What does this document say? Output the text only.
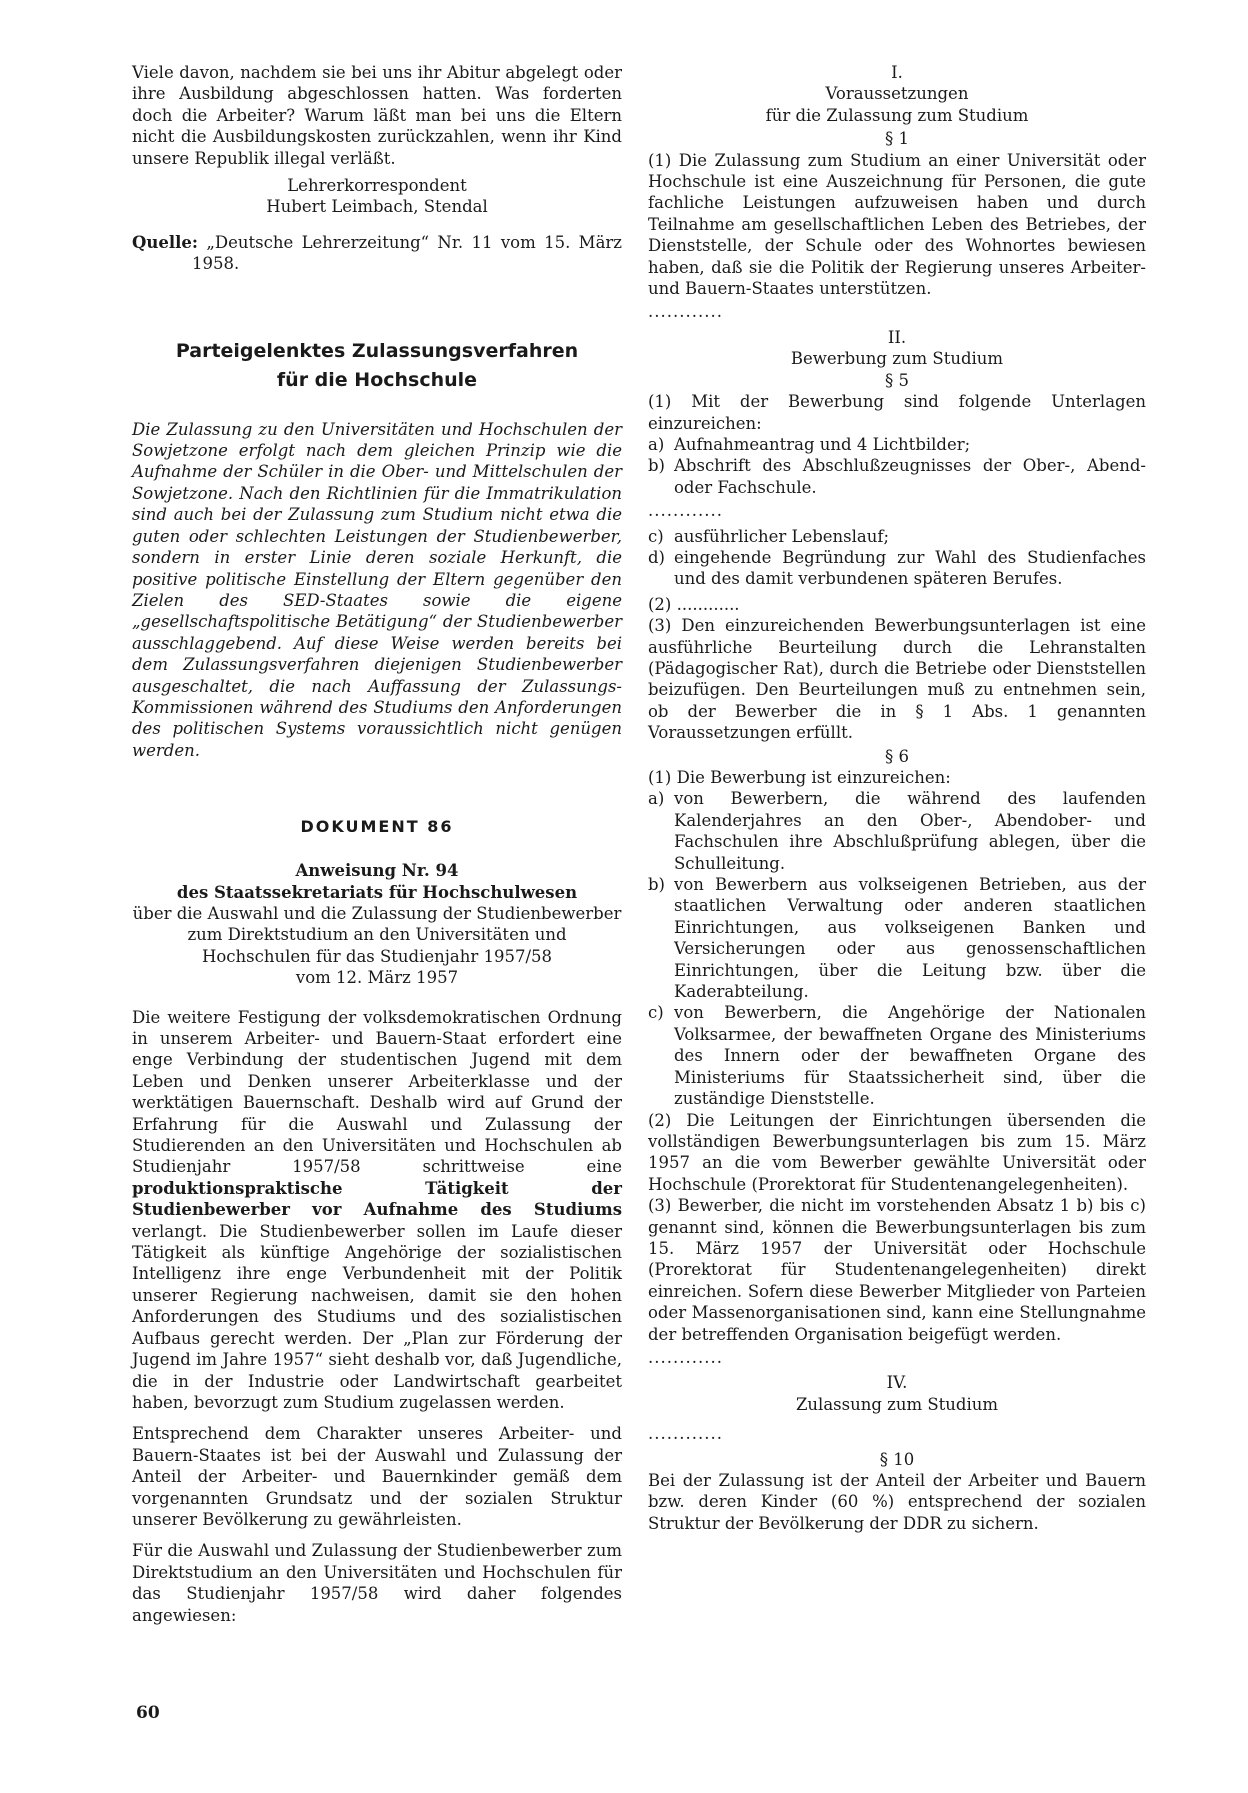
Viele davon, nachdem sie bei uns ihr Abitur abgelegt oder ihre Ausbildung abgeschlossen hatten. Was forderten doch die Arbeiter? Warum läßt man bei uns die Eltern nicht die Ausbildungskosten zurückzahlen, wenn ihr Kind unsere Republik illegal verläßt.

Lehrerkorrespondent

Hubert Leimbach, Stendal

Quelle: „Deutsche Lehrerzeitung“ Nr. 11 vom 15. März 1958.

Parteigelenktes Zulassungsverfahren
für die Hochschule

Die Zulassung zu den Universitäten und Hochschulen der Sowjetzone erfolgt nach dem gleichen Prinzip wie die Aufnahme der Schüler in die Ober- und Mittelschulen der Sowjetzone. Nach den Richtlinien für die Immatrikulation sind auch bei der Zulassung zum Studium nicht etwa die guten oder schlechten Leistungen der Studienbewerber, sondern in erster Linie deren soziale Herkunft, die positive politische Einstellung der Eltern gegenüber den Zielen des SED-Staates sowie die eigene „gesellschaftspolitische Betätigung“ der Studienbewerber ausschlaggebend. Auf diese Weise werden bereits bei dem Zulassungsverfahren diejenigen Studienbewerber ausgeschaltet, die nach Auffassung der Zulassungs-Kommissionen während des Studiums den Anforderungen des politischen Systems voraussichtlich nicht genügen werden.

DOKUMENT 86

Anweisung Nr. 94

des Staatssekretariats für Hochschulwesen

über die Auswahl und die Zulassung der Studienbewerber zum Direktstudium an den Universitäten und Hochschulen für das Studienjahr 1957/58

vom 12. März 1957

Die weitere Festigung der volksdemokratischen Ordnung in unserem Arbeiter- und Bauern-Staat erfordert eine enge Verbindung der studentischen Jugend mit dem Leben und Denken unserer Arbeiterklasse und der werktätigen Bauernschaft. Deshalb wird auf Grund der Erfahrung für die Auswahl und Zulassung der Studierenden an den Universitäten und Hochschulen ab Studienjahr 1957/58 schrittweise eine produktionspraktische Tätigkeit der Studienbewerber vor Aufnahme des Studiums verlangt. Die Studienbewerber sollen im Laufe dieser Tätigkeit als künftige Angehörige der sozialistischen Intelligenz ihre enge Verbundenheit mit der Politik unserer Regierung nachweisen, damit sie den hohen Anforderungen des Studiums und des sozialistischen Aufbaus gerecht werden. Der „Plan zur Förderung der Jugend im Jahre 1957“ sieht deshalb vor, daß Jugendliche, die in der Industrie oder Landwirtschaft gearbeitet haben, bevorzugt zum Studium zugelassen werden.

Entsprechend dem Charakter unseres Arbeiter- und Bauern-Staates ist bei der Auswahl und Zulassung der Anteil der Arbeiter- und Bauernkinder gemäß dem vorgenannten Grundsatz und der sozialen Struktur unserer Bevölkerung zu gewährleisten.

Für die Auswahl und Zulassung der Studienbewerber zum Direktstudium an den Universitäten und Hochschulen für das Studienjahr 1957/58 wird daher folgendes angewiesen:

I.

Voraussetzungen

für die Zulassung zum Studium

§ 1

(1) Die Zulassung zum Studium an einer Universität oder Hochschule ist eine Auszeichnung für Personen, die gute fachliche Leistungen aufzuweisen haben und durch Teilnahme am gesellschaftlichen Leben des Betriebes, der Dienststelle, der Schule oder des Wohnortes bewiesen haben, daß sie die Politik der Regierung unseres Arbeiter- und Bauern-Staates unterstützen.

............

II.

Bewerbung zum Studium

§ 5

(1) Mit der Bewerbung sind folgende Unterlagen einzureichen:

a) Aufnahmeantrag und 4 Lichtbilder;

b) Abschrift des Abschlußzeugnisses der Ober-, Abend- oder Fachschule.

............

c) ausführlicher Lebenslauf;

d) eingehende Begründung zur Wahl des Studienfaches und des damit verbundenen späteren Berufes.

(2) ............

(3) Den einzureichenden Bewerbungsunterlagen ist eine ausführliche Beurteilung durch die Lehranstalten (Pädagogischer Rat), durch die Betriebe oder Dienststellen beizufügen. Den Beurteilungen muß zu entnehmen sein, ob der Bewerber die in § 1 Abs. 1 genannten Voraussetzungen erfüllt.

§ 6

(1) Die Bewerbung ist einzureichen:

a) von Bewerbern, die während des laufenden Kalenderjahres an den Ober-, Abendober- und Fachschulen ihre Abschlußprüfung ablegen, über die Schulleitung.

b) von Bewerbern aus volkseigenen Betrieben, aus der staatlichen Verwaltung oder anderen staatlichen Einrichtungen, aus volkseigenen Banken und Versicherungen oder aus genossenschaftlichen Einrichtungen, über die Leitung bzw. über die Kaderabteilung.

c) von Bewerbern, die Angehörige der Nationalen Volksarmee, der bewaffneten Organe des Ministeriums des Innern oder der bewaffneten Organe des Ministeriums für Staatssicherheit sind, über die zuständige Dienststelle.

(2) Die Leitungen der Einrichtungen übersenden die vollständigen Bewerbungsunterlagen bis zum 15. März 1957 an die vom Bewerber gewählte Universität oder Hochschule (Prorektorat für Studentenangelegenheiten).

(3) Bewerber, die nicht im vorstehenden Absatz 1 b) bis c) genannt sind, können die Bewerbungsunterlagen bis zum 15. März 1957 der Universität oder Hochschule (Prorektorat für Studentenangelegenheiten) direkt einreichen. Sofern diese Bewerber Mitglieder von Parteien oder Massenorganisationen sind, kann eine Stellungnahme der betreffenden Organisation beigefügt werden.

............

IV.

Zulassung zum Studium

............

§ 10

Bei der Zulassung ist der Anteil der Arbeiter und Bauern bzw. deren Kinder (60 %) entsprechend der sozialen Struktur der Bevölkerung der DDR zu sichern.

60
